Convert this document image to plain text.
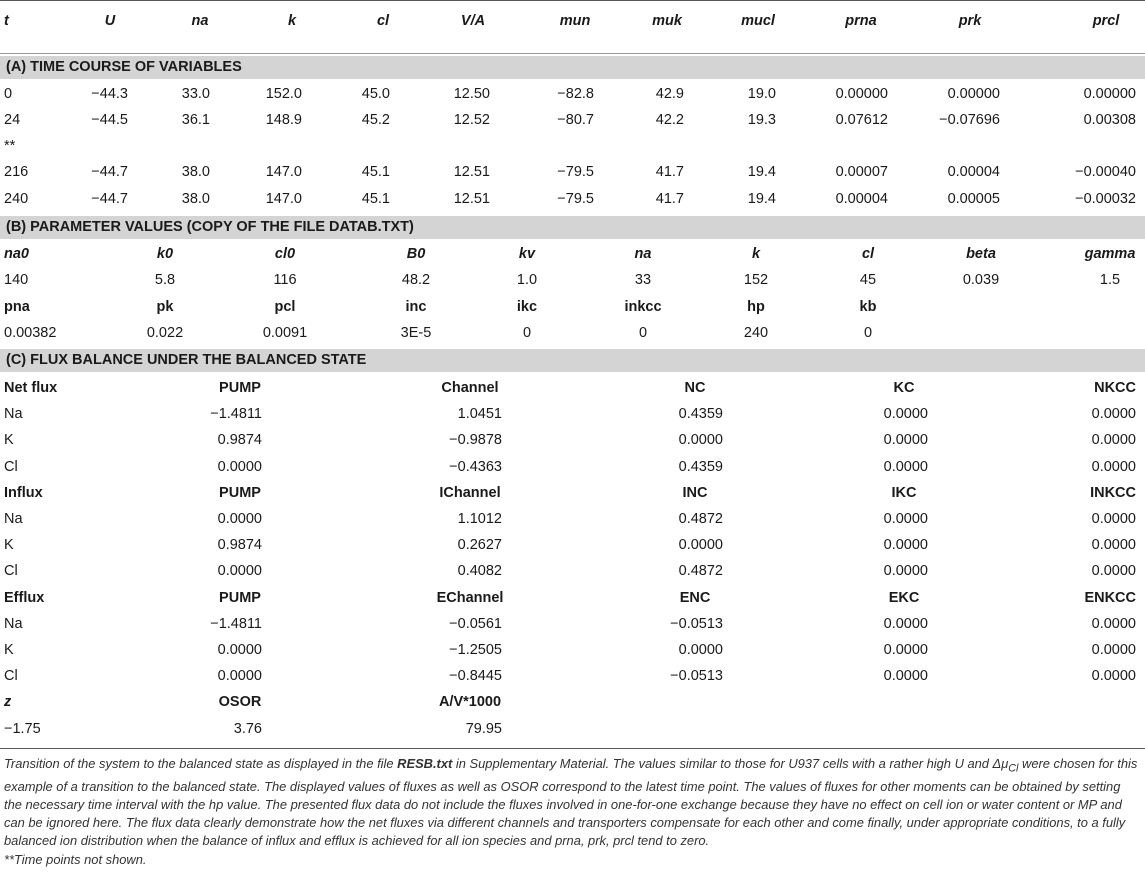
t	U	na	k	cl	V/A	mun	muk	mucl	prna	prk	prcl
(A) TIME COURSE OF VARIABLES
0	−44.3	33.0	152.0	45.0	12.50	−82.8	42.9	19.0	0.00000	0.00000	0.00000
24	−44.5	36.1	148.9	45.2	12.52	−80.7	42.2	19.3	0.07612	−0.07696	0.00308
**
216	−44.7	38.0	147.0	45.1	12.51	−79.5	41.7	19.4	0.00007	0.00004	−0.00040
240	−44.7	38.0	147.0	45.1	12.51	−79.5	41.7	19.4	0.00004	0.00005	−0.00032
(B) PARAMETER VALUES (COPY OF THE FILE DATAB.TXT)
na0	k0	cl0	B0	kv	na	k	cl	beta	gamma
140	5.8	116	48.2	1.0	33	152	45	0.039	1.5
pna	pk	pcl	inc	ikc	inkcc	hp	kb
0.00382	0.022	0.0091	3E-5	0	0	240	0
(C) FLUX BALANCE UNDER THE BALANCED STATE
Net flux	PUMP	Channel	NC	KC	NKCC
Na	−1.4811	1.0451	0.4359	0.0000	0.0000
K	0.9874	−0.9878	0.0000	0.0000	0.0000
Cl	0.0000	−0.4363	0.4359	0.0000	0.0000
Influx	PUMP	IChannel	INC	IKC	INKCC
Na	0.0000	1.1012	0.4872	0.0000	0.0000
K	0.9874	0.2627	0.0000	0.0000	0.0000
Cl	0.0000	0.4082	0.4872	0.0000	0.0000
Efflux	PUMP	EChannel	ENC	EKC	ENKCC
Na	−1.4811	−0.0561	−0.0513	0.0000	0.0000
K	0.0000	−1.2505	0.0000	0.0000	0.0000
Cl	0.0000	−0.8445	−0.0513	0.0000	0.0000
z	OSOR	A/V*1000
−1.75	3.76	79.95
Transition of the system to the balanced state as displayed in the file RESB.txt in Supplementary Material. The values similar to those for U937 cells with a rather high U and $\Delta\mu_{Cl}$ were chosen for this example of a transition to the balanced state. The displayed values of fluxes as well as OSOR correspond to the latest time point. The values of fluxes for other moments can be obtained by setting the necessary time interval with the hp value. The presented flux data do not include the fluxes involved in one-for-one exchange because they have no effect on cell ion or water content or MP and can be ignored here. The flux data clearly demonstrate how the net fluxes via different channels and transporters compensate for each other and come finally, under appropriate conditions, to a fully balanced ion distribution when the balance of influx and efflux is achieved for all ion species and prna, prk, prcl tend to zero.
**Time points not shown.
